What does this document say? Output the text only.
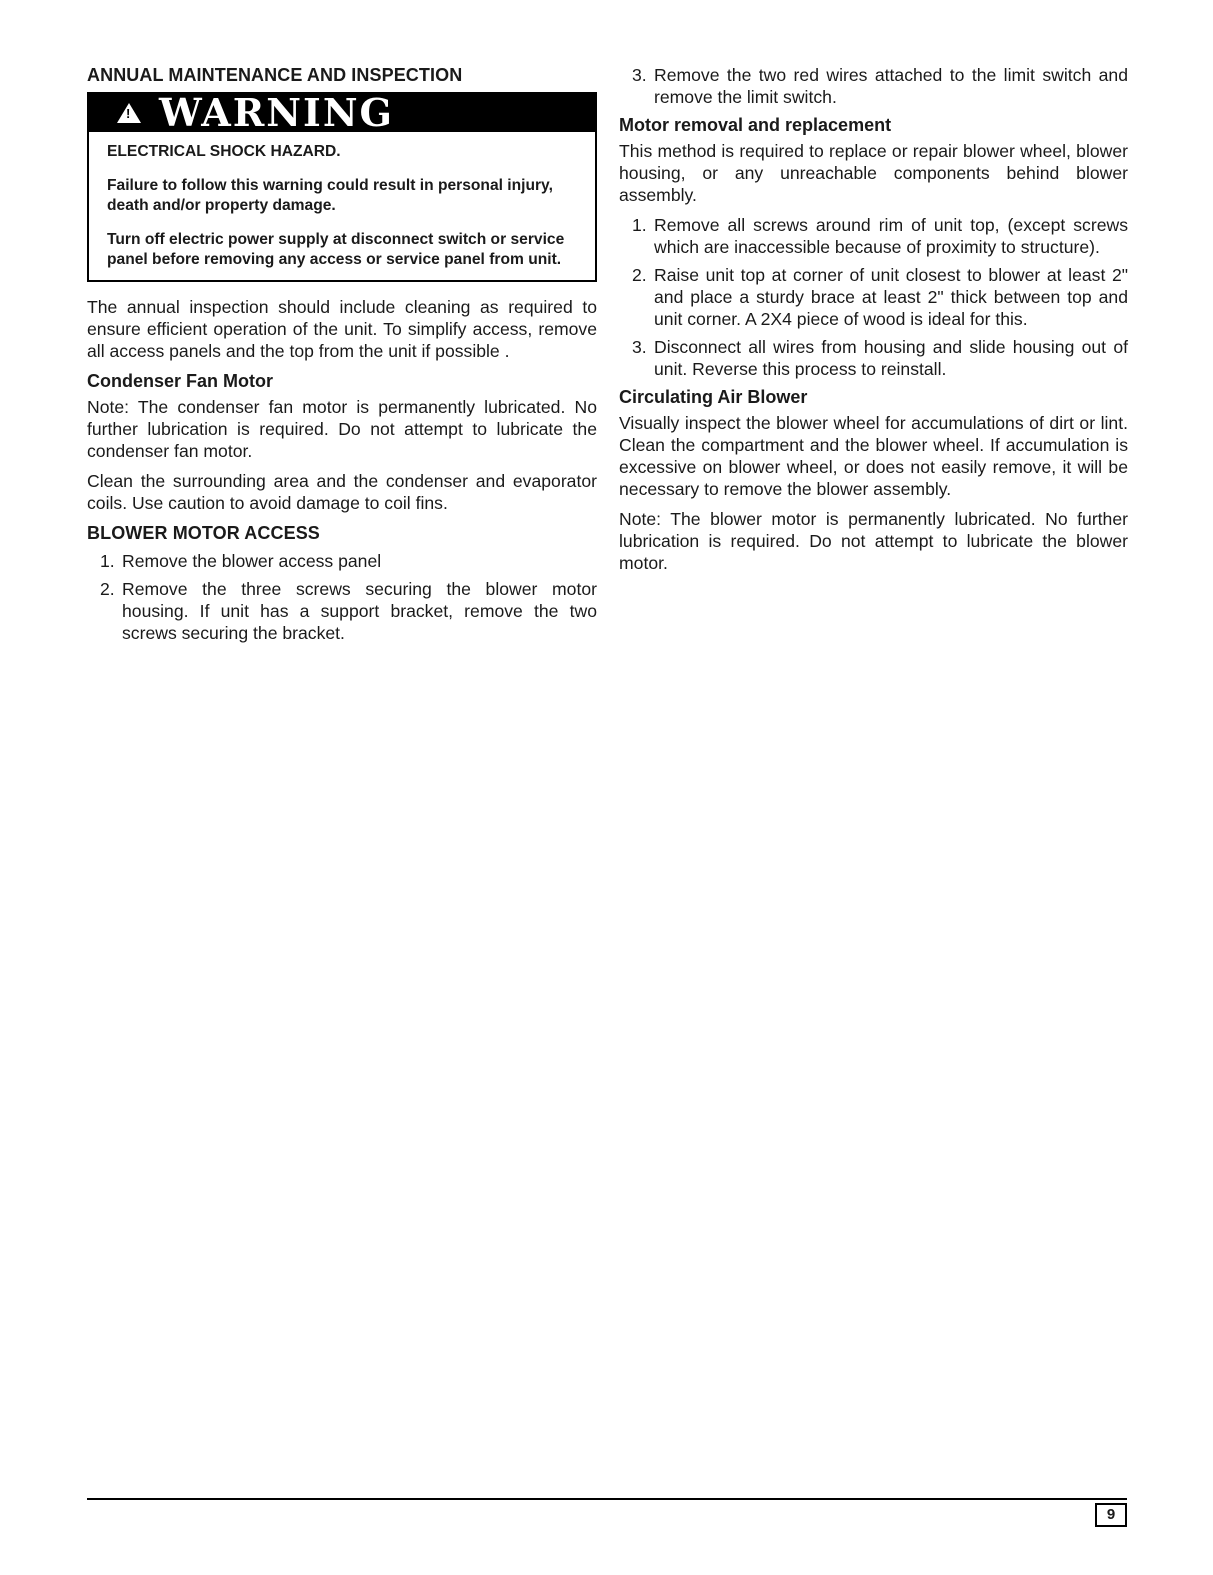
ANNUAL MAINTENANCE AND INSPECTION
! WARNING

ELECTRICAL SHOCK HAZARD.

Failure to follow this warning could result in personal injury, death and/or property damage.

Turn off electric power supply at disconnect switch or service panel before removing any access or service panel from unit.

The annual inspection should include cleaning as required to ensure efficient operation of the unit. To simplify access, remove all access panels and the top from the unit if possible .

Condenser Fan Motor

Note: The condenser fan motor is permanently lubricated. No further lubrication is required. Do not attempt to lubricate the condenser fan motor.

Clean the surrounding area and the condenser and evaporator coils. Use caution to avoid damage to coil fins.

BLOWER MOTOR ACCESS
1. Remove the blower access panel
2. Remove the three screws securing the blower motor housing. If unit has a support bracket, remove the two screws securing the bracket.
3. Remove the two red wires attached to the limit switch and remove the limit switch.
Motor removal and replacement

This method is required to replace or repair blower wheel, blower housing, or any unreachable components behind blower assembly.

1. Remove all screws around rim of unit top, (except screws which are inaccessible because of proximity to structure).
2. Raise unit top at corner of unit closest to blower at least 2" and place a sturdy brace at least 2" thick between top and unit corner. A 2X4 piece of wood is ideal for this.
3. Disconnect all wires from housing and slide housing out of unit. Reverse this process to reinstall.
Circulating Air Blower

Visually inspect the blower wheel for accumulations of dirt or lint. Clean the compartment and the blower wheel. If accumulation is excessive on blower wheel, or does not easily remove, it will be necessary to remove the blower assembly.

Note: The blower motor is permanently lubricated. No further lubrication is required. Do not attempt to lubricate the blower motor.

9
